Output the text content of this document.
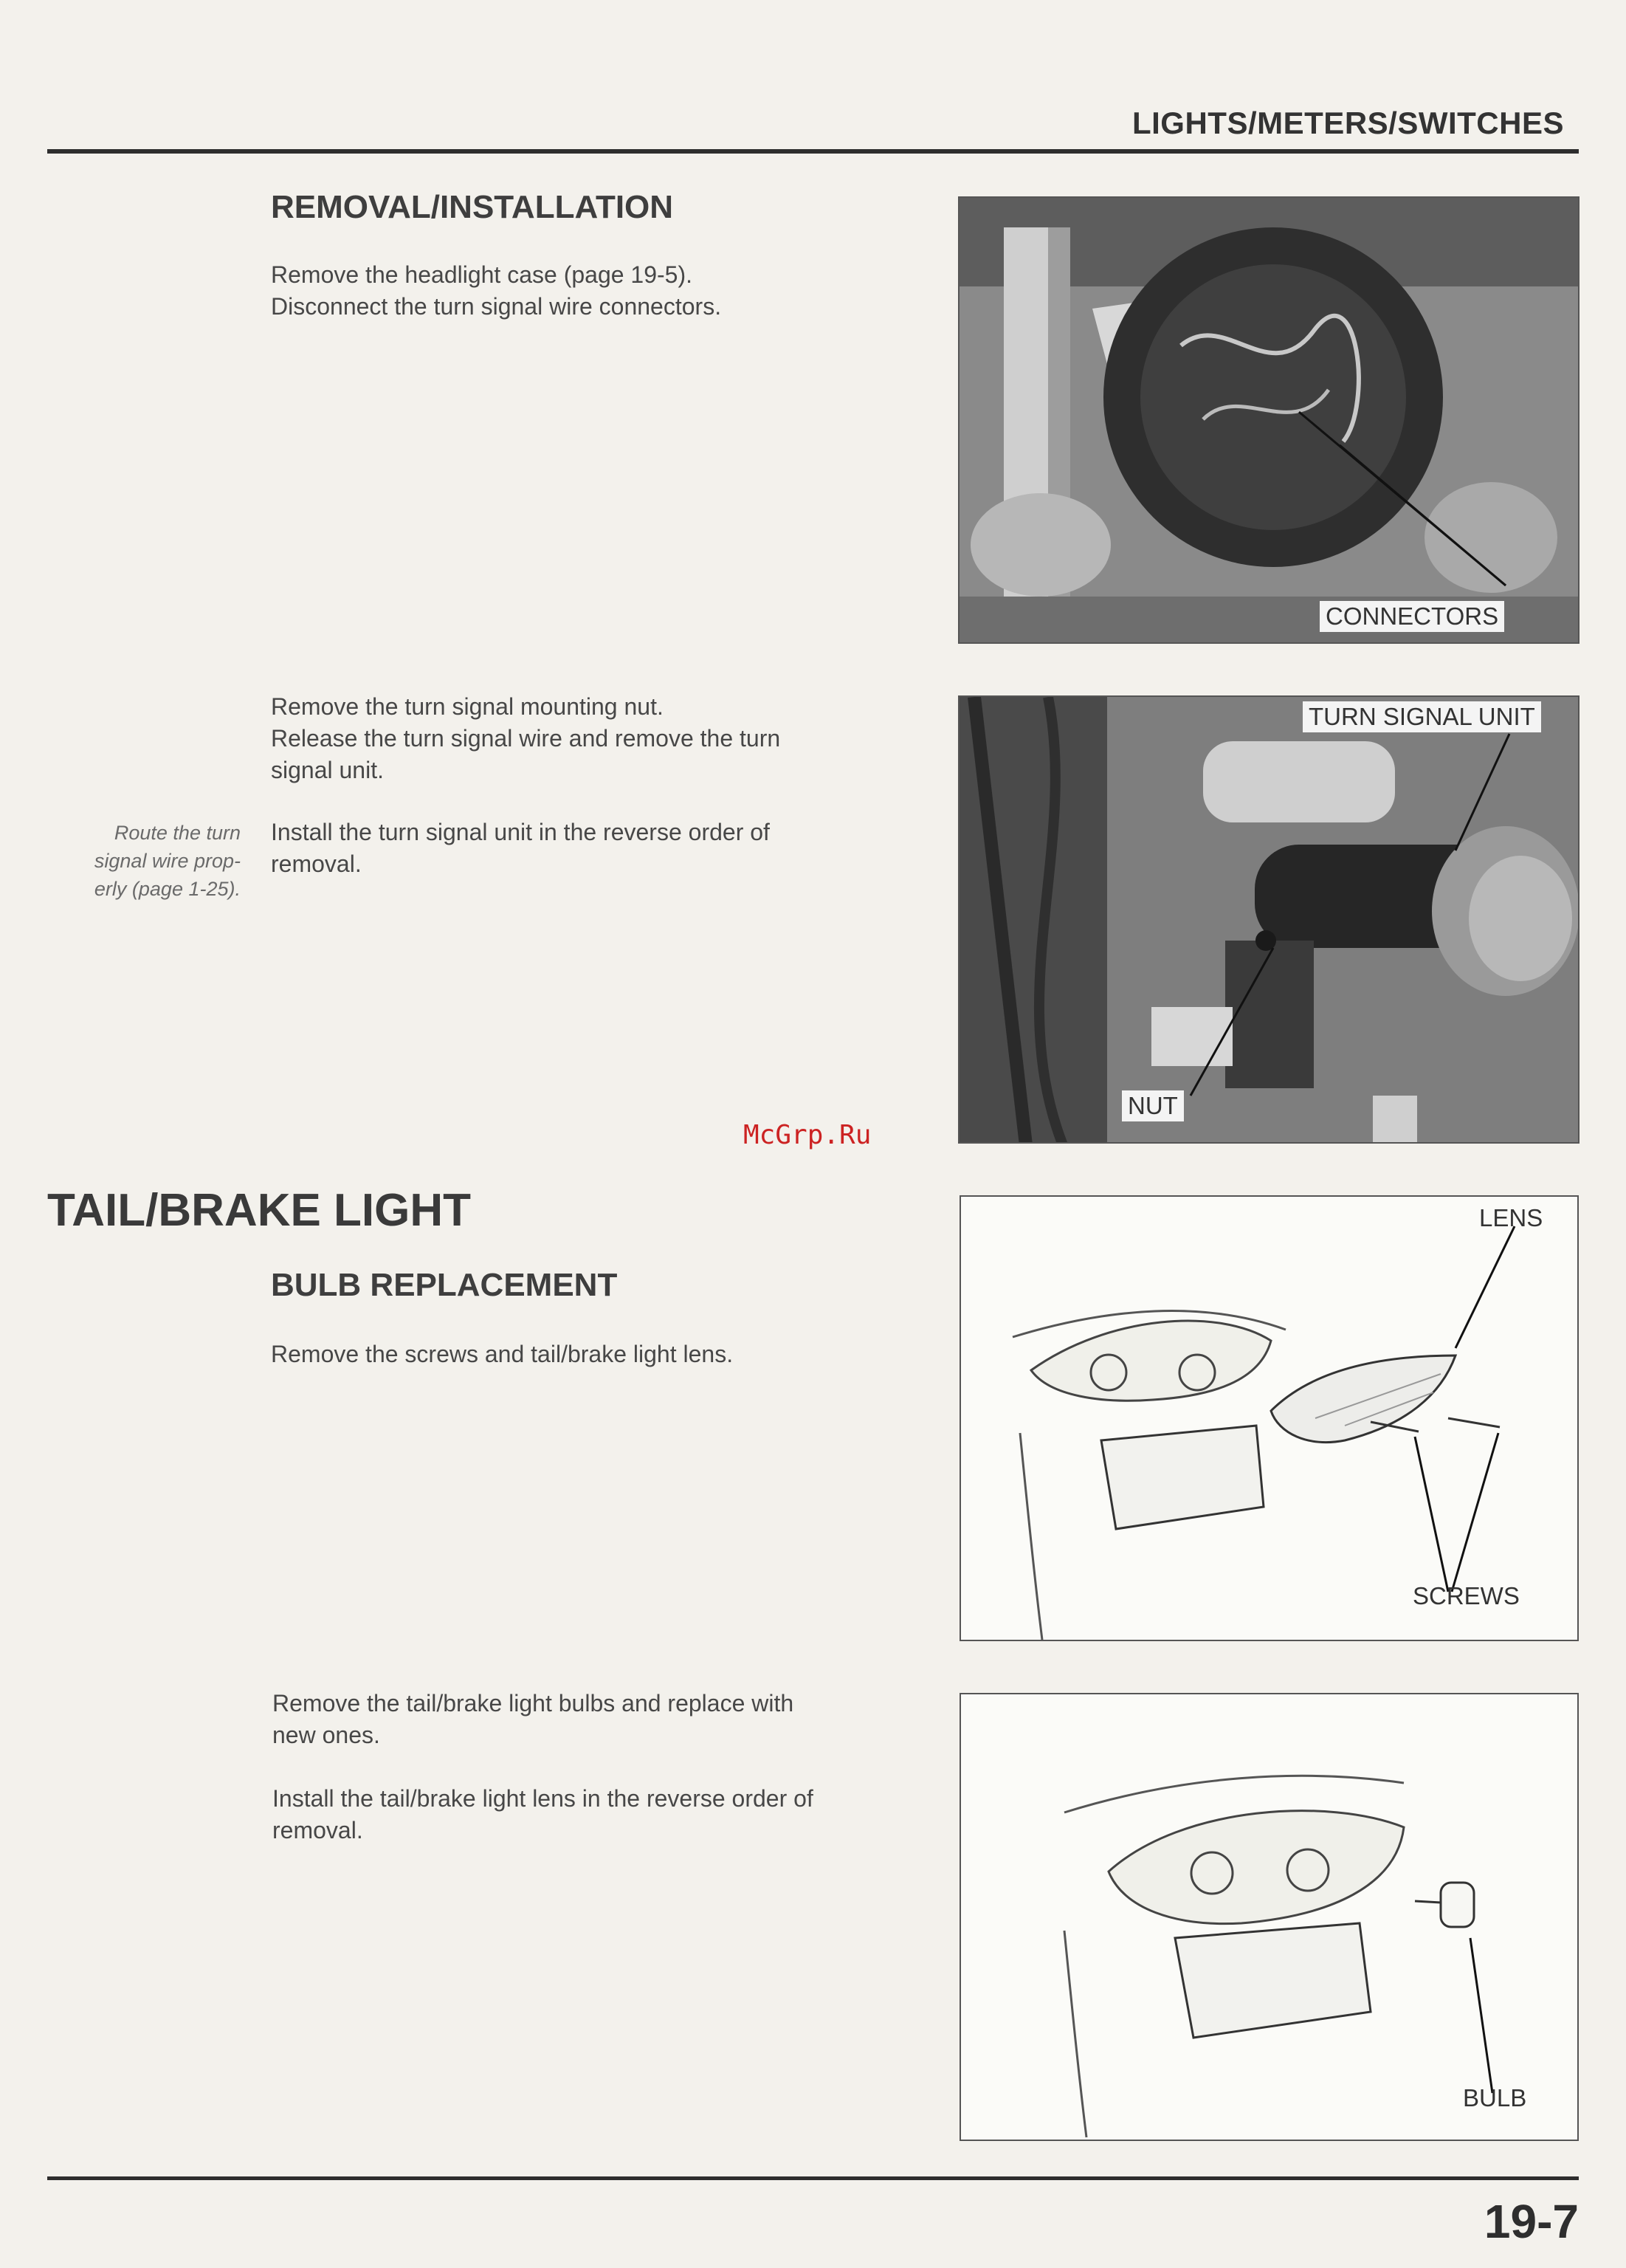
LIGHTS/METERS/SWITCHES
REMOVAL/INSTALLATION
Remove the headlight case (page 19-5).
Disconnect the turn signal wire connectors.
CONNECTORS
Remove the turn signal mounting nut.
Release the turn signal wire and remove the turn
signal unit.
Route the turn
signal wire prop-
erly (page 1-25).
Install the turn signal unit in the reverse order of
removal.
TURN SIGNAL UNIT
NUT
McGrp.Ru
TAIL/BRAKE LIGHT
BULB REPLACEMENT
Remove the screws and tail/brake light lens.
LENS
SCREWS
Remove the tail/brake light bulbs and replace with
new ones.
Install the tail/brake light lens in the reverse order of
removal.
BULB
19-7
